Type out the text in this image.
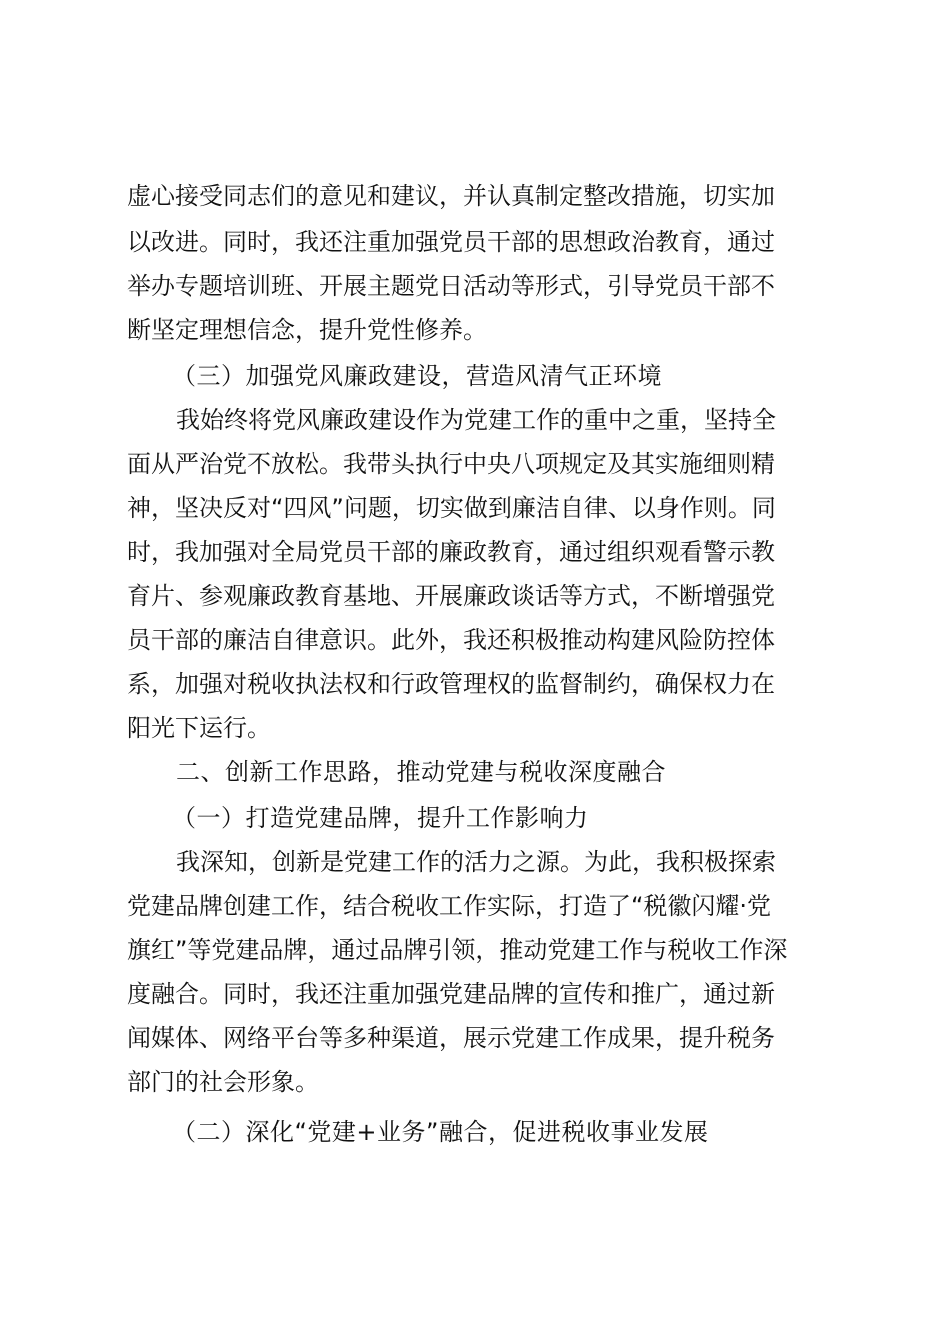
虚心接受同志们的意见和建议，并认真制定整改措施，切实加
以改进。同时，我还注重加强党员干部的思想政治教育，通过
举办专题培训班、开展主题党日活动等形式，引导党员干部不
断坚定理想信念，提升党性修养。
（三）加强党风廉政建设，营造风清气正环境
我始终将党风廉政建设作为党建工作的重中之重，坚持全
面从严治党不放松。我带头执行中央八项规定及其实施细则精
神，坚决反对“四风”问题，切实做到廉洁自律、以身作则。同
时，我加强对全局党员干部的廉政教育，通过组织观看警示教
育片、参观廉政教育基地、开展廉政谈话等方式，不断增强党
员干部的廉洁自律意识。此外，我还积极推动构建风险防控体
系，加强对税收执法权和行政管理权的监督制约，确保权力在
阳光下运行。
二、创新工作思路，推动党建与税收深度融合
（一）打造党建品牌，提升工作影响力
我深知，创新是党建工作的活力之源。为此，我积极探索
党建品牌创建工作，结合税收工作实际，打造了“税徽闪耀·党
旗红”等党建品牌，通过品牌引领，推动党建工作与税收工作深
度融合。同时，我还注重加强党建品牌的宣传和推广，通过新
闻媒体、网络平台等多种渠道，展示党建工作成果，提升税务
部门的社会形象。
（二）深化“党建+业务”融合，促进税收事业发展
